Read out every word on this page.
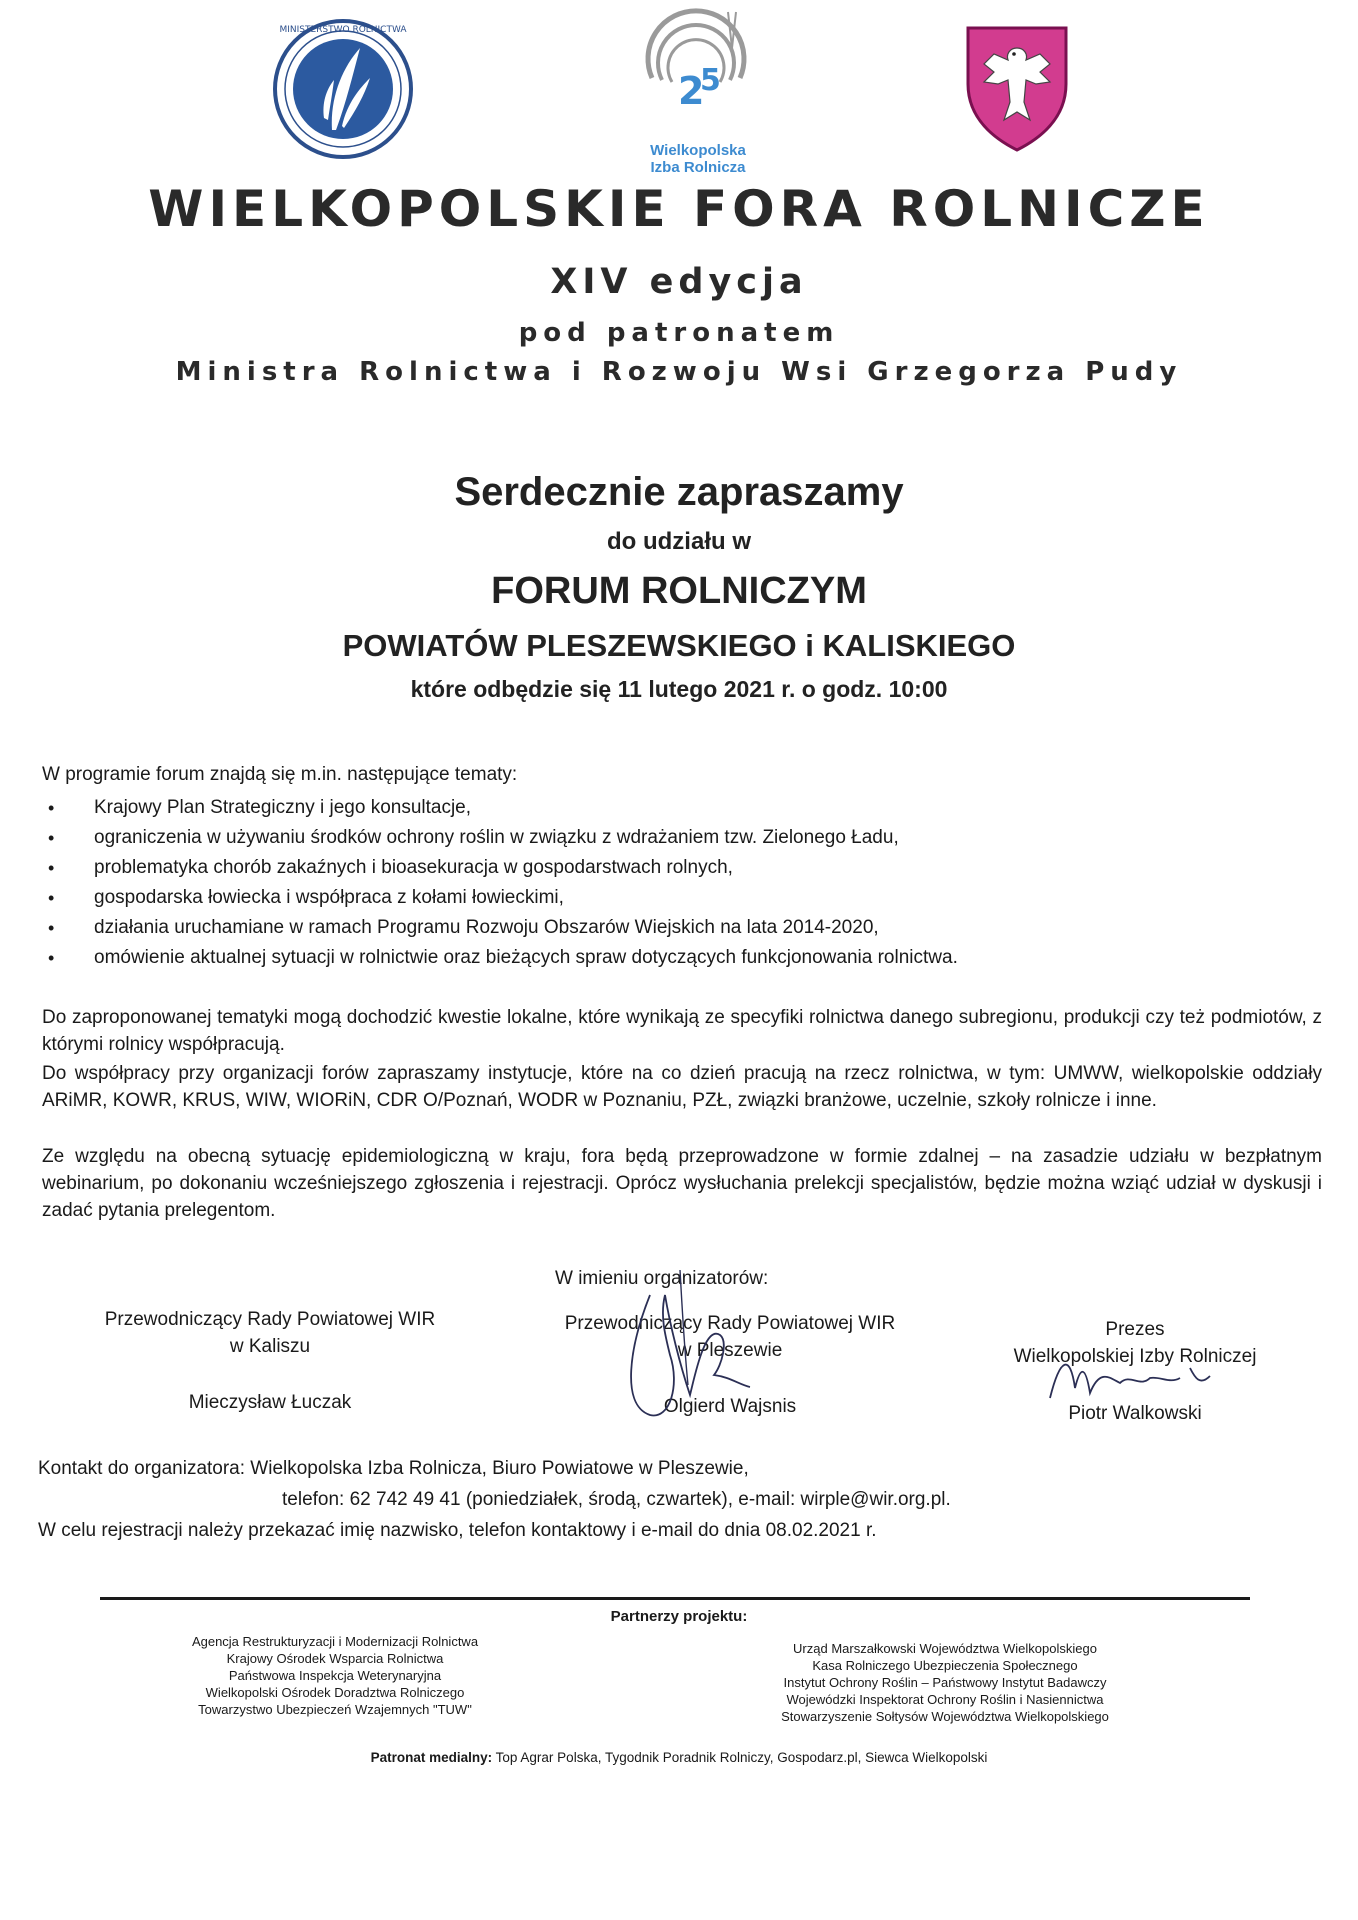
MINISTERSTWO ROLNICTWA
2
5
Wielkopolska
Izba Rolnicza
WIELKOPOLSKIE FORA ROLNICZE
XIV edycja
pod patronatem
Ministra Rolnictwa i Rozwoju Wsi Grzegorza Pudy
Serdecznie zapraszamy
do udziału w
FORUM ROLNICZYM
POWIATÓW PLESZEWSKIEGO i KALISKIEGO
które odbędzie się 11 lutego 2021 r. o godz. 10:00
W programie forum znajdą się m.in. następujące tematy:
• Krajowy Plan Strategiczny i jego konsultacje,
• ograniczenia w używaniu środków ochrony roślin w związku z wdrażaniem tzw. Zielonego Ładu,
• problematyka chorób zakaźnych i bioasekuracja w gospodarstwach rolnych,
• gospodarska łowiecka i współpraca z kołami łowieckimi,
• działania uruchamiane w ramach Programu Rozwoju Obszarów Wiejskich na lata 2014-2020,
• omówienie aktualnej sytuacji w rolnictwie oraz bieżących spraw dotyczących funkcjonowania rolnictwa.
Do zaproponowanej tematyki mogą dochodzić kwestie lokalne, które wynikają ze specyfiki rolnictwa danego subregionu, produkcji czy też podmiotów, z którymi rolnicy współpracują.
Do współpracy przy organizacji forów zapraszamy instytucje, które na co dzień pracują na rzecz rolnictwa, w tym: UMWW, wielkopolskie oddziały ARiMR, KOWR, KRUS, WIW, WIORiN, CDR O/Poznań, WODR w Poznaniu, PZŁ, związki branżowe, uczelnie, szkoły rolnicze i inne.
Ze względu na obecną sytuację epidemiologiczną w kraju, fora będą przeprowadzone w formie zdalnej – na zasadzie udziału w bezpłatnym webinarium, po dokonaniu wcześniejszego zgłoszenia i rejestracji. Oprócz wysłuchania prelekcji specjalistów, będzie można wziąć udział w dyskusji i zadać pytania prelegentom.
W imieniu organizatorów:
Przewodniczący Rady Powiatowej WIR
w Kaliszu
Mieczysław Łuczak
Przewodniczący Rady Powiatowej WIR
w Pleszewie
Olgierd Wajsnis
Prezes
Wielkopolskiej Izby Rolniczej
Piotr Walkowski
Kontakt do organizatora: Wielkopolska Izba Rolnicza, Biuro Powiatowe w Pleszewie,
telefon: 62 742 49 41 (poniedziałek, środą, czwartek), e-mail: wirple@wir.org.pl.
W celu rejestracji należy przekazać imię nazwisko, telefon kontaktowy i e-mail do dnia 08.02.2021 r.
Partnerzy projektu:
Agencja Restrukturyzacji i Modernizacji Rolnictwa
Krajowy Ośrodek Wsparcia Rolnictwa
Państwowa Inspekcja Weterynaryjna
Wielkopolski Ośrodek Doradztwa Rolniczego
Towarzystwo Ubezpieczeń Wzajemnych "TUW"
Urząd Marszałkowski Województwa Wielkopolskiego
Kasa Rolniczego Ubezpieczenia Społecznego
Instytut Ochrony Roślin – Państwowy Instytut Badawczy
Wojewódzki Inspektorat Ochrony Roślin i Nasiennictwa
Stowarzyszenie Sołtysów Województwa Wielkopolskiego
Patronat medialny: Top Agrar Polska, Tygodnik Poradnik Rolniczy, Gospodarz.pl, Siewca Wielkopolski
